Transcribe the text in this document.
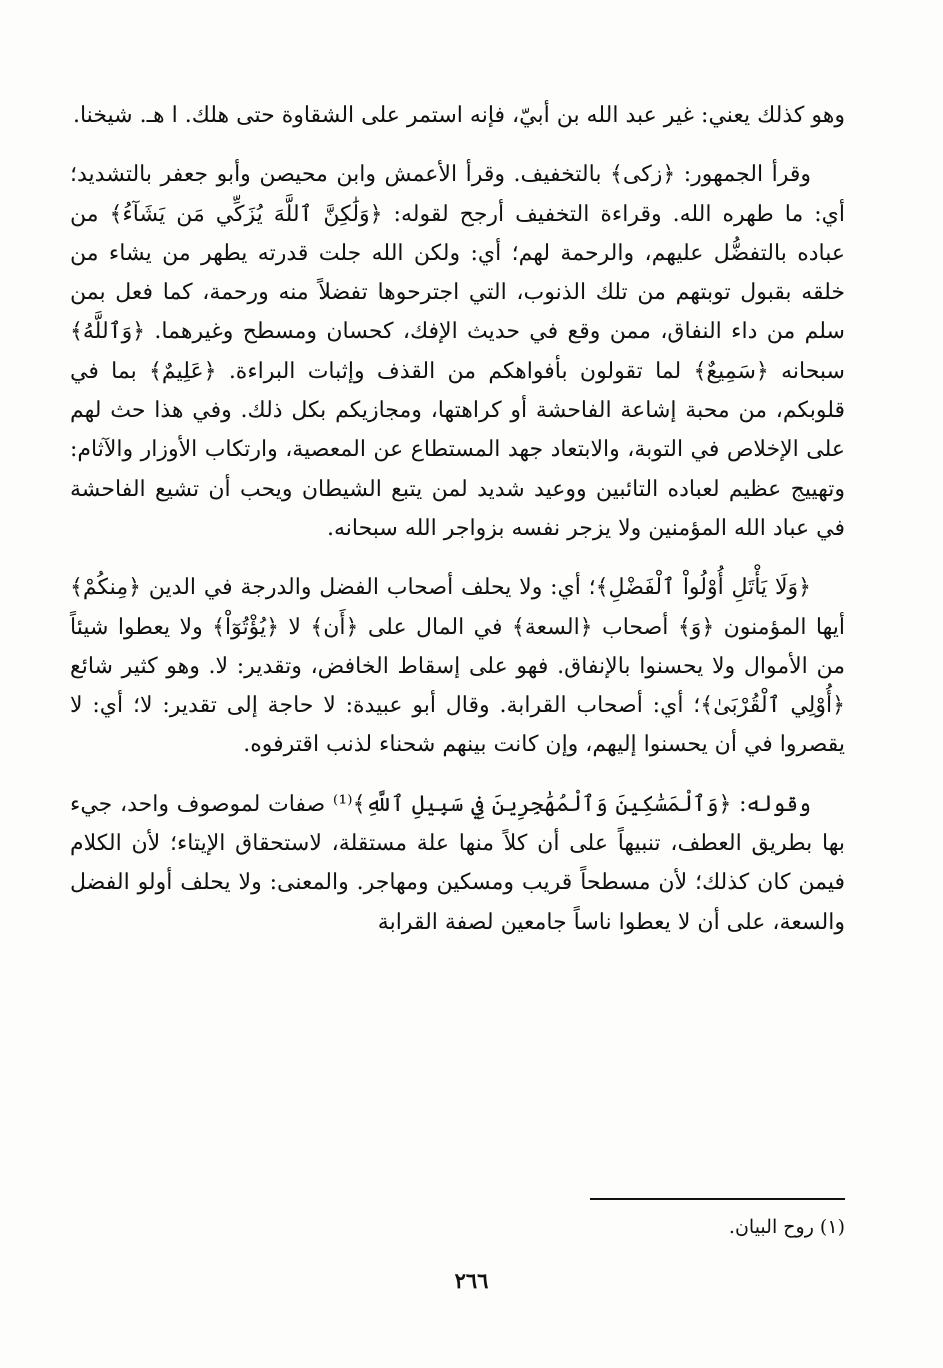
وهو كذلك يعني: غير عبد الله بن أبيّ، فإنه استمر على الشقاوة حتى هلك. ا هـ. شيخنا.

وقرأ الجمهور: ﴿زكى﴾ بالتخفيف. وقرأ الأعمش وابن محيصن وأبو جعفر بالتشديد؛ أي: ما طهره الله. وقراءة التخفيف أرجح لقوله: ﴿وَلَٰكِنَّ ٱللَّهَ يُزَكِّي مَن يَشَآءُ﴾ من عباده بالتفضُّل عليهم، والرحمة لهم؛ أي: ولكن الله جلت قدرته يطهر من يشاء من خلقه بقبول توبتهم من تلك الذنوب، التي اجترحوها تفضلاً منه ورحمة، كما فعل بمن سلم من داء النفاق، ممن وقع في حديث الإفك، كحسان ومسطح وغيرهما. ﴿وَٱللَّهُ﴾ سبحانه ﴿سَمِيعٌ﴾ لما تقولون بأفواهكم من القذف وإثبات البراءة. ﴿عَلِيمٌ﴾ بما في قلوبكم، من محبة إشاعة الفاحشة أو كراهتها، ومجازيكم بكل ذلك. وفي هذا حث لهم على الإخلاص في التوبة، والابتعاد جهد المستطاع عن المعصية، وارتكاب الأوزار والآثام: وتهييج عظيم لعباده التائبين ووعيد شديد لمن يتبع الشيطان ويحب أن تشيع الفاحشة في عباد الله المؤمنين ولا يزجر نفسه بزواجر الله سبحانه.

﴿وَلَا يَأْتَلِ أُوْلُواْ ٱلْفَضْلِ﴾؛ أي: ولا يحلف أصحاب الفضل والدرجة في الدين ﴿مِنكُمْ﴾ أيها المؤمنون ﴿وَ﴾ أصحاب ﴿السعة﴾ في المال على ﴿أَن﴾ لا ﴿يُؤْتُوٓاْ﴾ ولا يعطوا شيئاً من الأموال ولا يحسنوا بالإنفاق. فهو على إسقاط الخافض، وتقدير: لا. وهو كثير شائع ﴿أُوْلِي ٱلْقُرْبَىٰ﴾؛ أي: أصحاب القرابة. وقال أبو عبيدة: لا حاجة إلى تقدير: لا؛ أي: لا يقصروا في أن يحسنوا إليهم، وإن كانت بينهم شحناء لذنب اقترفوه.

وقوله: ﴿وَٱلْمَسَٰكِينَ وَٱلْمُهَٰجِرِينَ فِي سَبِيلِ ٱللَّهِ﴾⁽¹⁾ صفات لموصوف واحد، جيء بها بطريق العطف، تنبيهاً على أن كلاً منها علة مستقلة، لاستحقاق الإيتاء؛ لأن الكلام فيمن كان كذلك؛ لأن مسطحاً قريب ومسكين ومهاجر. والمعنى: ولا يحلف أولو الفضل والسعة، على أن لا يعطوا ناساً جامعين لصفة القرابة

(١) روح البيان.
٢٦٦
